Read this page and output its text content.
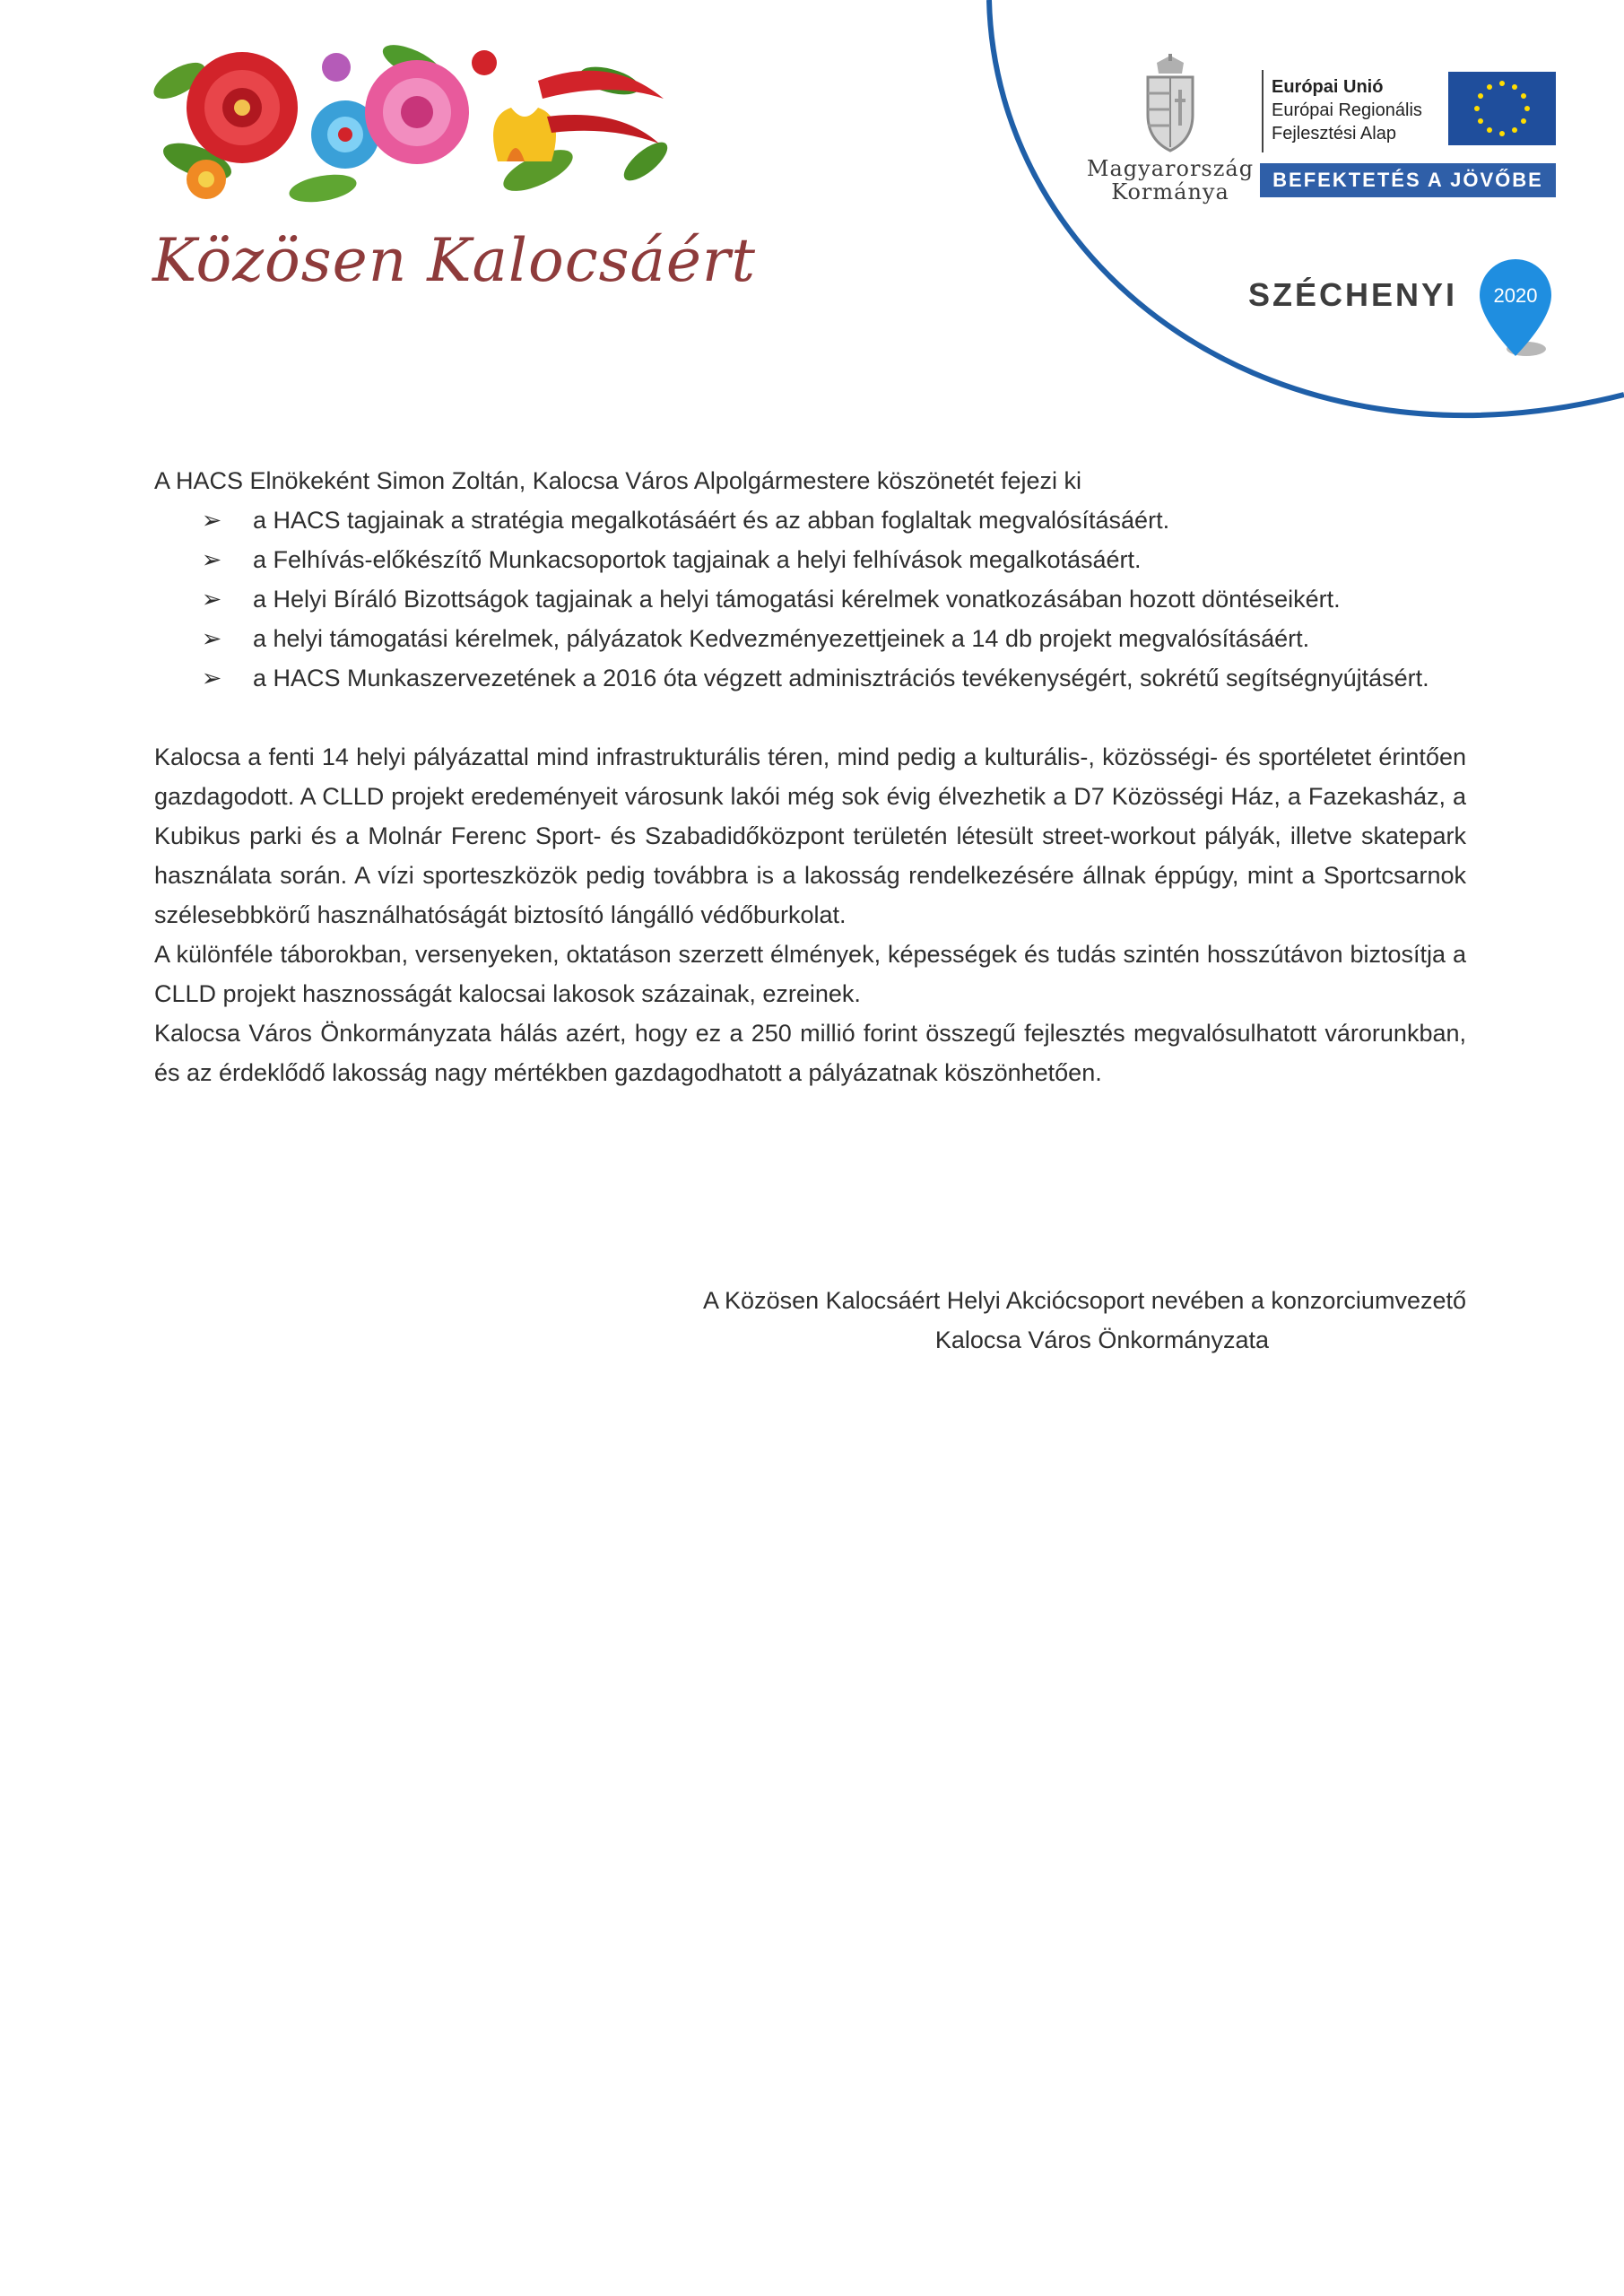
Közösen Kalocsáért
Magyarország
Kormánya
Európai Unió
Európai Regionális
Fejlesztési Alap
BEFEKTETÉS A JÖVŐBE
SZÉCHENYI 2020

A HACS Elnökeként Simon Zoltán, Kalocsa Város Alpolgármestere köszönetét fejezi ki

➢ a HACS tagjainak a stratégia megalkotásáért és az abban foglaltak megvalósításáért.
➢ a Felhívás-előkészítő Munkacsoportok tagjainak a helyi felhívások megalkotásáért.
➢ a Helyi Bíráló Bizottságok tagjainak a helyi támogatási kérelmek vonatkozásában hozott döntéseikért.
➢ a helyi támogatási kérelmek, pályázatok Kedvezményezettjeinek a 14 db projekt megvalósításáért.
➢ a HACS Munkaszervezetének a 2016 óta végzett adminisztrációs tevékenységért, sokrétű segítségnyújtásért.

Kalocsa a fenti 14 helyi pályázattal mind infrastrukturális téren, mind pedig a kulturális-, közösségi- és sportéletet érintően gazdagodott. A CLLD projekt eredeményeit városunk lakói még sok évig élvezhetik a D7 Közösségi Ház, a Fazekasház, a Kubikus parki és a Molnár Ferenc Sport- és Szabadidőközpont területén létesült street-workout pályák, illetve skatepark használata során. A vízi sporteszközök pedig továbbra is a lakosság rendelkezésére állnak éppúgy, mint a Sportcsarnok szélesebbkörű használhatóságát biztosító lángálló védőburkolat.

A különféle táborokban, versenyeken, oktatáson szerzett élmények, képességek és tudás szintén hosszútávon biztosítja a CLLD projekt hasznosságát kalocsai lakosok százainak, ezreinek.

Kalocsa Város Önkormányzata hálás azért, hogy ez a 250 millió forint összegű fejlesztés megvalósulhatott várorunkban, és az érdeklődő lakosság nagy mértékben gazdagodhatott a pályázatnak köszönhetően.

A Közösen Kalocsáért Helyi Akciócsoport nevében a konzorciumvezető
Kalocsa Város Önkormányzata
